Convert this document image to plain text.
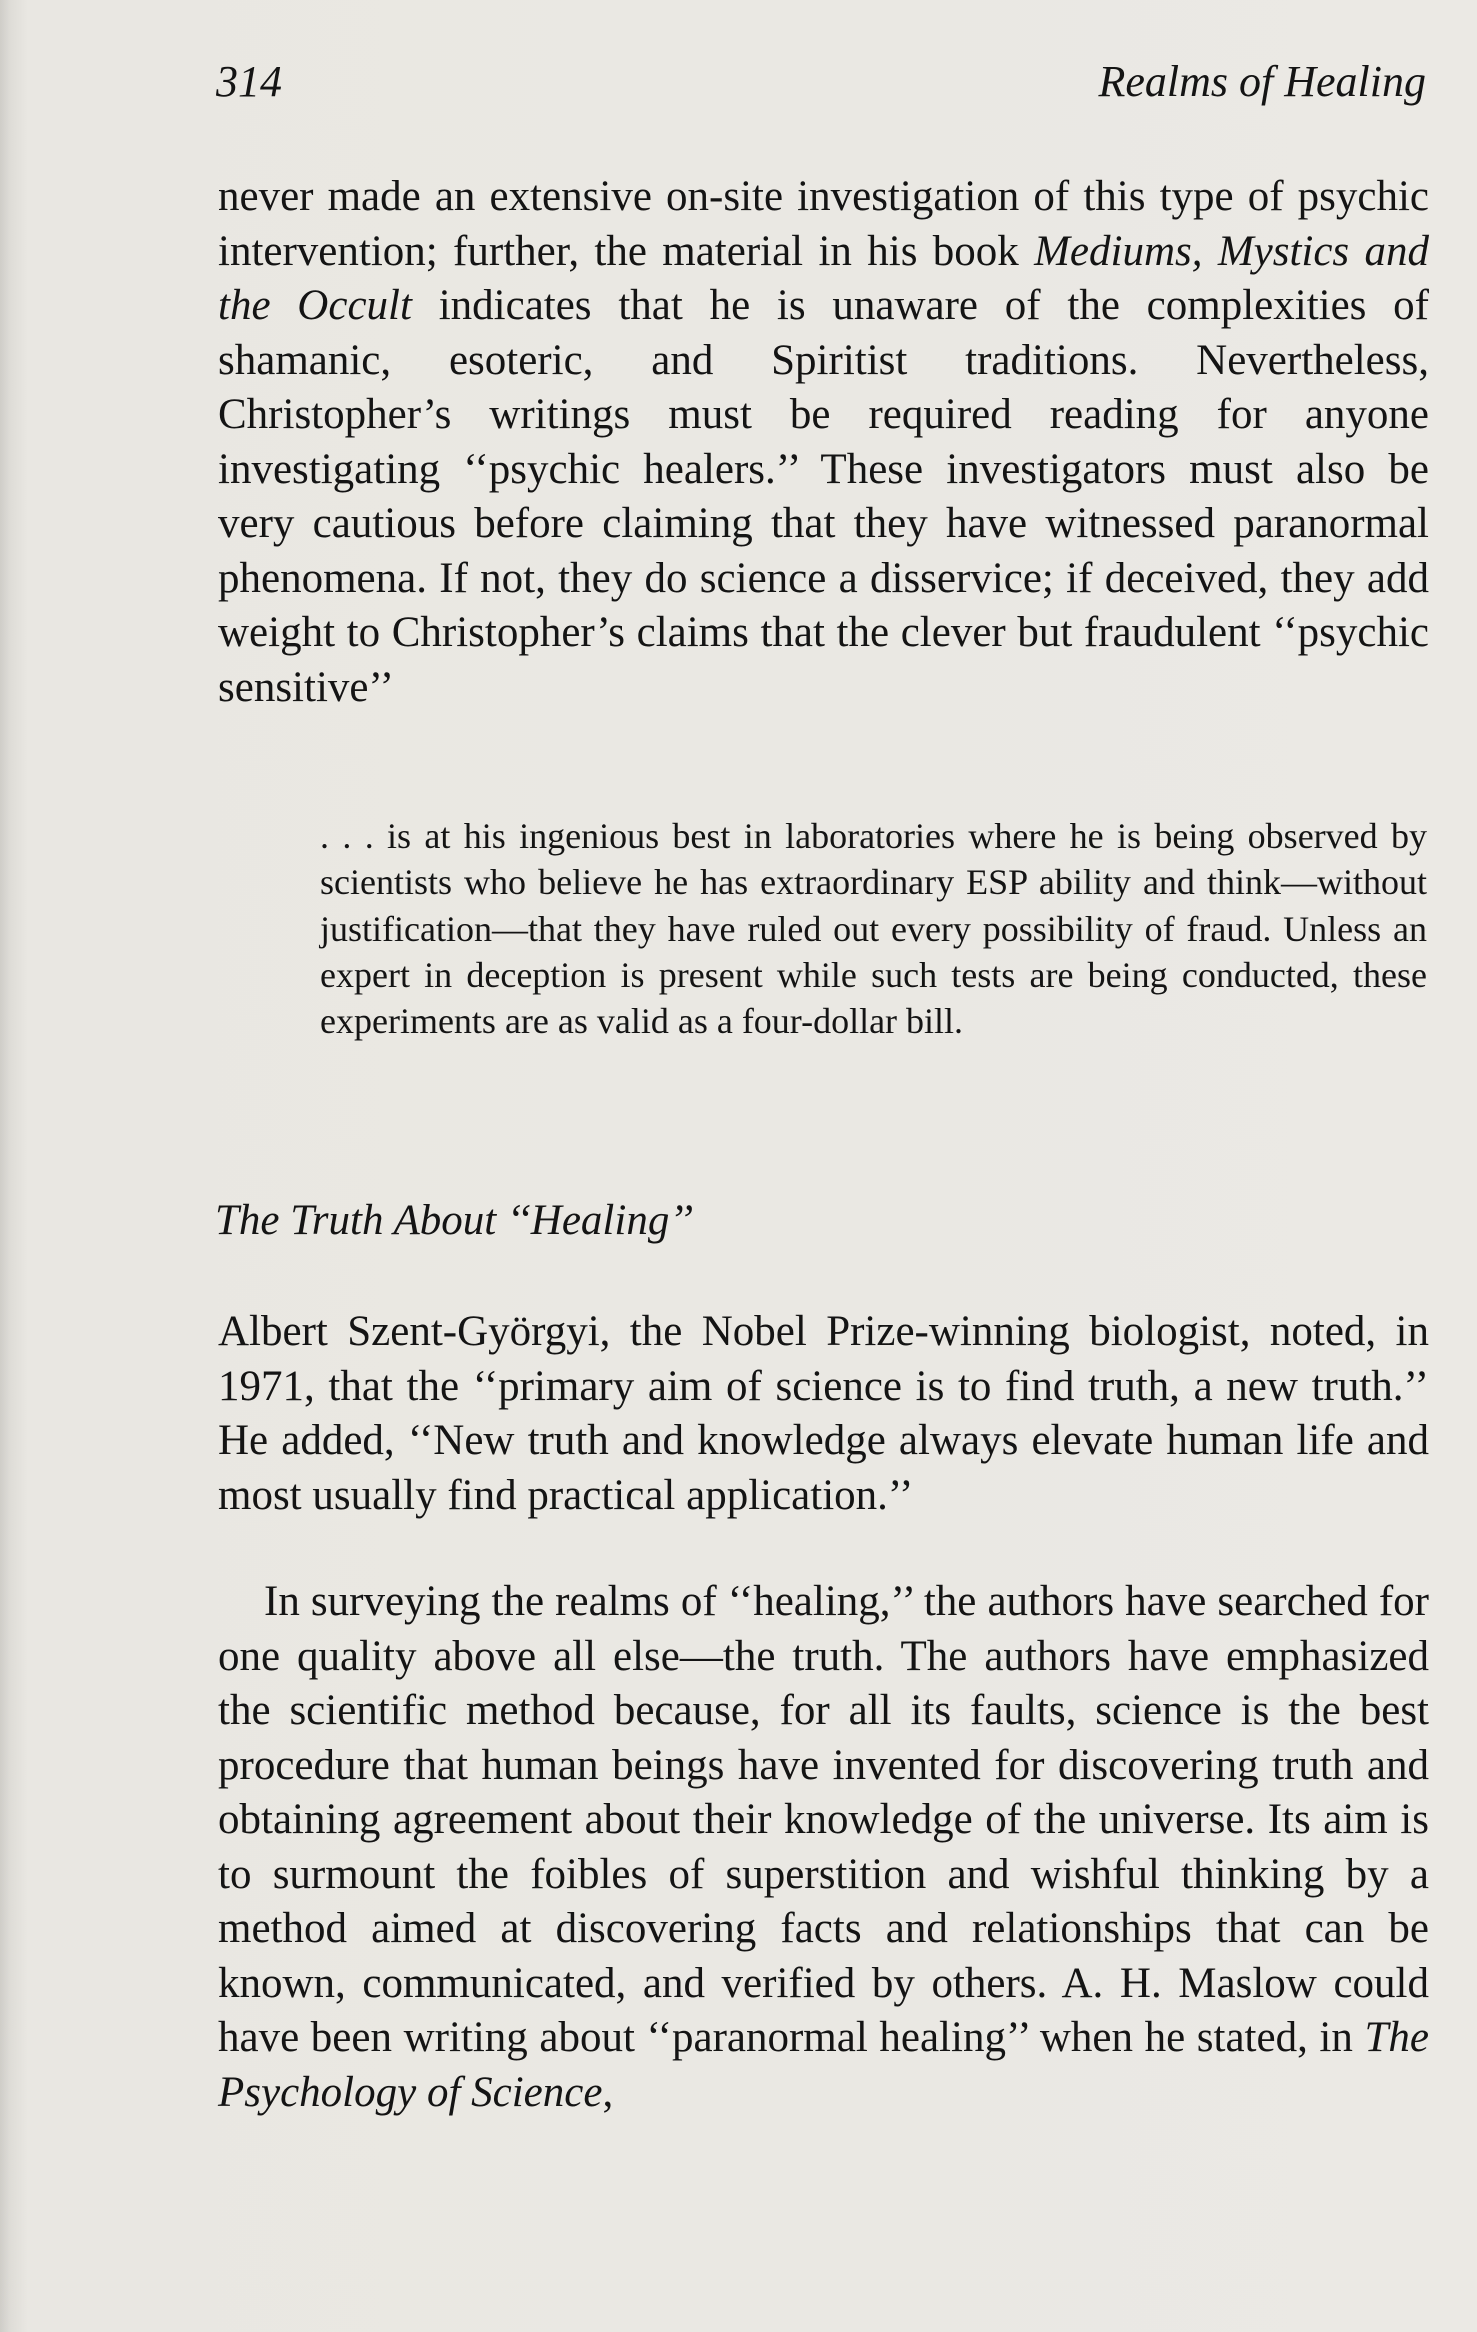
314	Realms of Healing

never made an extensive on-site investigation of this type of psychic intervention; further, the material in his book Mediums, Mystics and the Occult indicates that he is unaware of the complexities of shamanic, esoteric, and Spiritist traditions. Nevertheless, Christopher’s writings must be required reading for anyone investigating ‘‘psychic healers.’’ These investigators must also be very cautious before claiming that they have witnessed paranormal phenomena. If not, they do science a disservice; if deceived, they add weight to Christopher’s claims that the clever but fraudulent ‘‘psychic sensitive’’

. . . is at his ingenious best in laboratories where he is being observed by scientists who believe he has extraordinary ESP ability and think—without justification—that they have ruled out every possibility of fraud. Unless an expert in deception is present while such tests are being conducted, these experiments are as valid as a four-dollar bill.

The Truth About ‘‘Healing’’

Albert Szent-Györgyi, the Nobel Prize-winning biologist, noted, in 1971, that the ‘‘primary aim of science is to find truth, a new truth.’’ He added, ‘‘New truth and knowledge always elevate human life and most usually find practical application.’’

In surveying the realms of ‘‘healing,’’ the authors have searched for one quality above all else—the truth. The authors have emphasized the scientific method because, for all its faults, science is the best procedure that human beings have invented for discovering truth and obtaining agreement about their knowledge of the universe. Its aim is to surmount the foibles of superstition and wishful thinking by a method aimed at discovering facts and relationships that can be known, communicated, and verified by others. A. H. Maslow could have been writing about ‘‘paranormal healing’’ when he stated, in The Psychology of Science,
